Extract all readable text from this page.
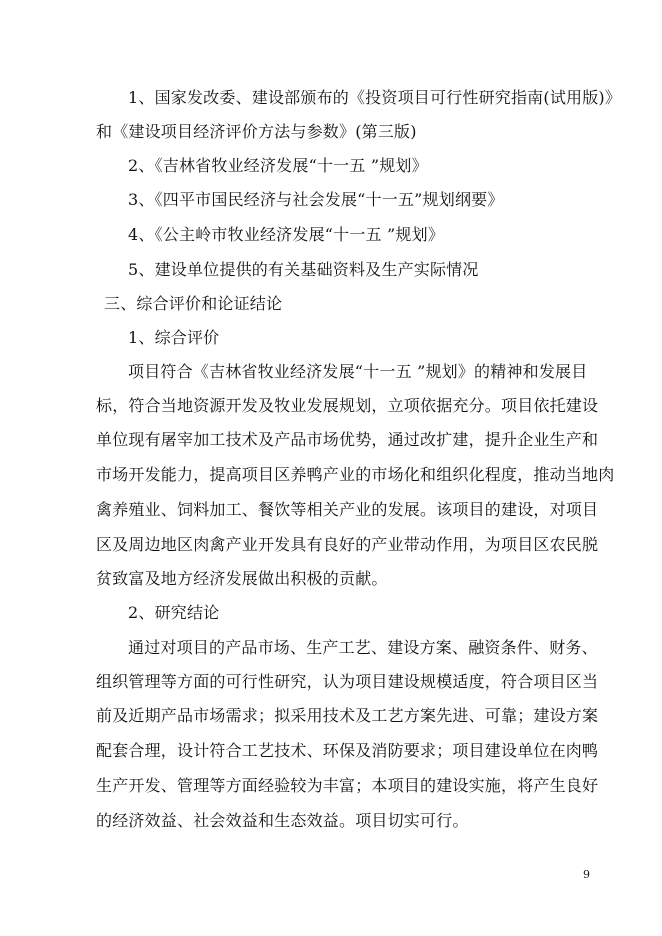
1、国家发改委、建设部颁布的《投资项目可行性研究指南(试用版)》
和《建设项目经济评价方法与参数》(第三版)
2、《吉林省牧业经济发展“十一五 ”规划》
3、《四平市国民经济与社会发展“十一五”规划纲要》
4、《公主岭市牧业经济发展“十一五 ”规划》
5、建设单位提供的有关基础资料及生产实际情况
三、综合评价和论证结论
1、综合评价
项目符合《吉林省牧业经济发展“十一五 ”规划》的精神和发展目
标，符合当地资源开发及牧业发展规划，立项依据充分。项目依托建设
单位现有屠宰加工技术及产品市场优势，通过改扩建，提升企业生产和
市场开发能力，提高项目区养鸭产业的市场化和组织化程度，推动当地肉
禽养殖业、饲料加工、餐饮等相关产业的发展。该项目的建设，对项目
区及周边地区肉禽产业开发具有良好的产业带动作用，为项目区农民脱
贫致富及地方经济发展做出积极的贡献。
2、研究结论
通过对项目的产品市场、生产工艺、建设方案、融资条件、财务、
组织管理等方面的可行性研究，认为项目建设规模适度，符合项目区当
前及近期产品市场需求；拟采用技术及工艺方案先进、可靠；建设方案
配套合理，设计符合工艺技术、环保及消防要求；项目建设单位在肉鸭
生产开发、管理等方面经验较为丰富；本项目的建设实施，将产生良好
的经济效益、社会效益和生态效益。项目切实可行。
9
